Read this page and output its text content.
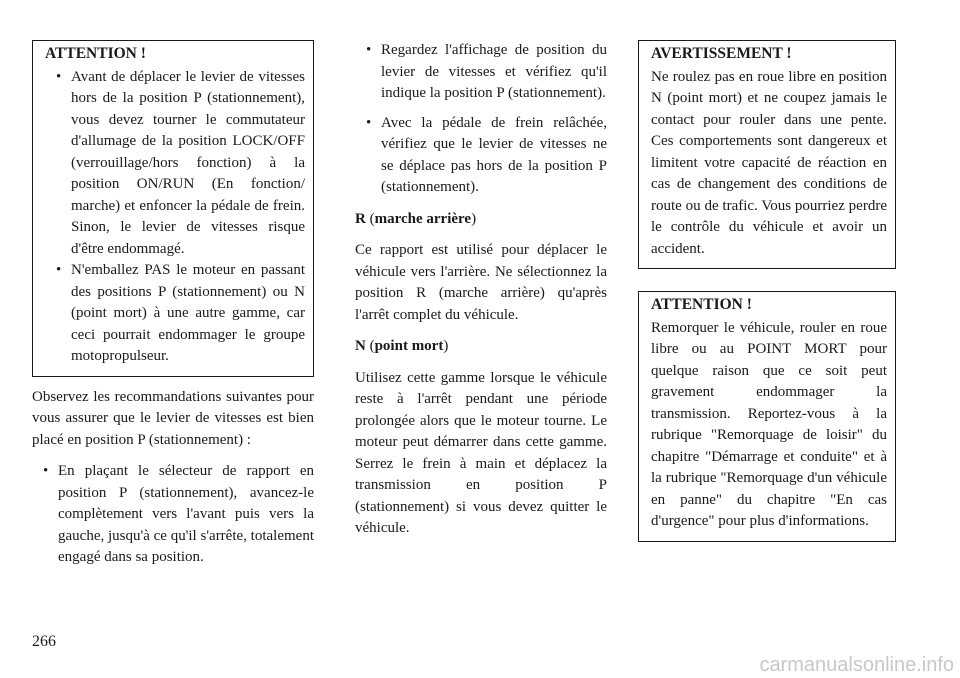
ATTENTION !
• Avant de déplacer le levier de vitesses hors de la position P (stationnement), vous devez tourner le commutateur d'allumage de la position LOCK/OFF (verrouillage/hors fonction) à la position ON/RUN (En fonction/ marche) et enfoncer la pédale de frein. Sinon, le levier de vitesses risque d'être endommagé.
• N'emballez PAS le moteur en passant des positions P (stationnement) ou N (point mort) à une autre gamme, car ceci pourrait endommager le groupe motopropulseur.

Observez les recommandations suivantes pour vous assurer que le levier de vitesses est bien placé en position P (stationnement) :

• En plaçant le sélecteur de rapport en position P (stationnement), avancez-le complètement vers l'avant puis vers la gauche, jusqu'à ce qu'il s'arrête, totalement engagé dans sa position.
• Regardez l'affichage de position du levier de vitesses et vérifiez qu'il indique la position P (stationnement).
• Avec la pédale de frein relâchée, vérifiez que le levier de vitesses ne se déplace pas hors de la position P (stationnement).

R (marche arrière)

Ce rapport est utilisé pour déplacer le véhicule vers l'arrière. Ne sélectionnez la position R (marche arrière) qu'après l'arrêt complet du véhicule.

N (point mort)

Utilisez cette gamme lorsque le véhicule reste à l'arrêt pendant une période prolongée alors que le moteur tourne. Le moteur peut démarrer dans cette gamme. Serrez le frein à main et déplacez la transmission en position P (stationnement) si vous devez quitter le véhicule.

AVERTISSEMENT !

Ne roulez pas en roue libre en position N (point mort) et ne coupez jamais le contact pour rouler dans une pente. Ces comportements sont dangereux et limitent votre capacité de réaction en cas de changement des conditions de route ou de trafic. Vous pourriez perdre le contrôle du véhicule et avoir un accident.

ATTENTION !

Remorquer le véhicule, rouler en roue libre ou au POINT MORT pour quelque raison que ce soit peut gravement endommager la transmission. Reportez-vous à la rubrique "Remorquage de loisir" du chapitre "Démarrage et conduite" et à la rubrique "Remorquage d'un véhicule en panne" du chapitre "En cas d'urgence" pour plus d'informations.

266
carmanualsonline.info
